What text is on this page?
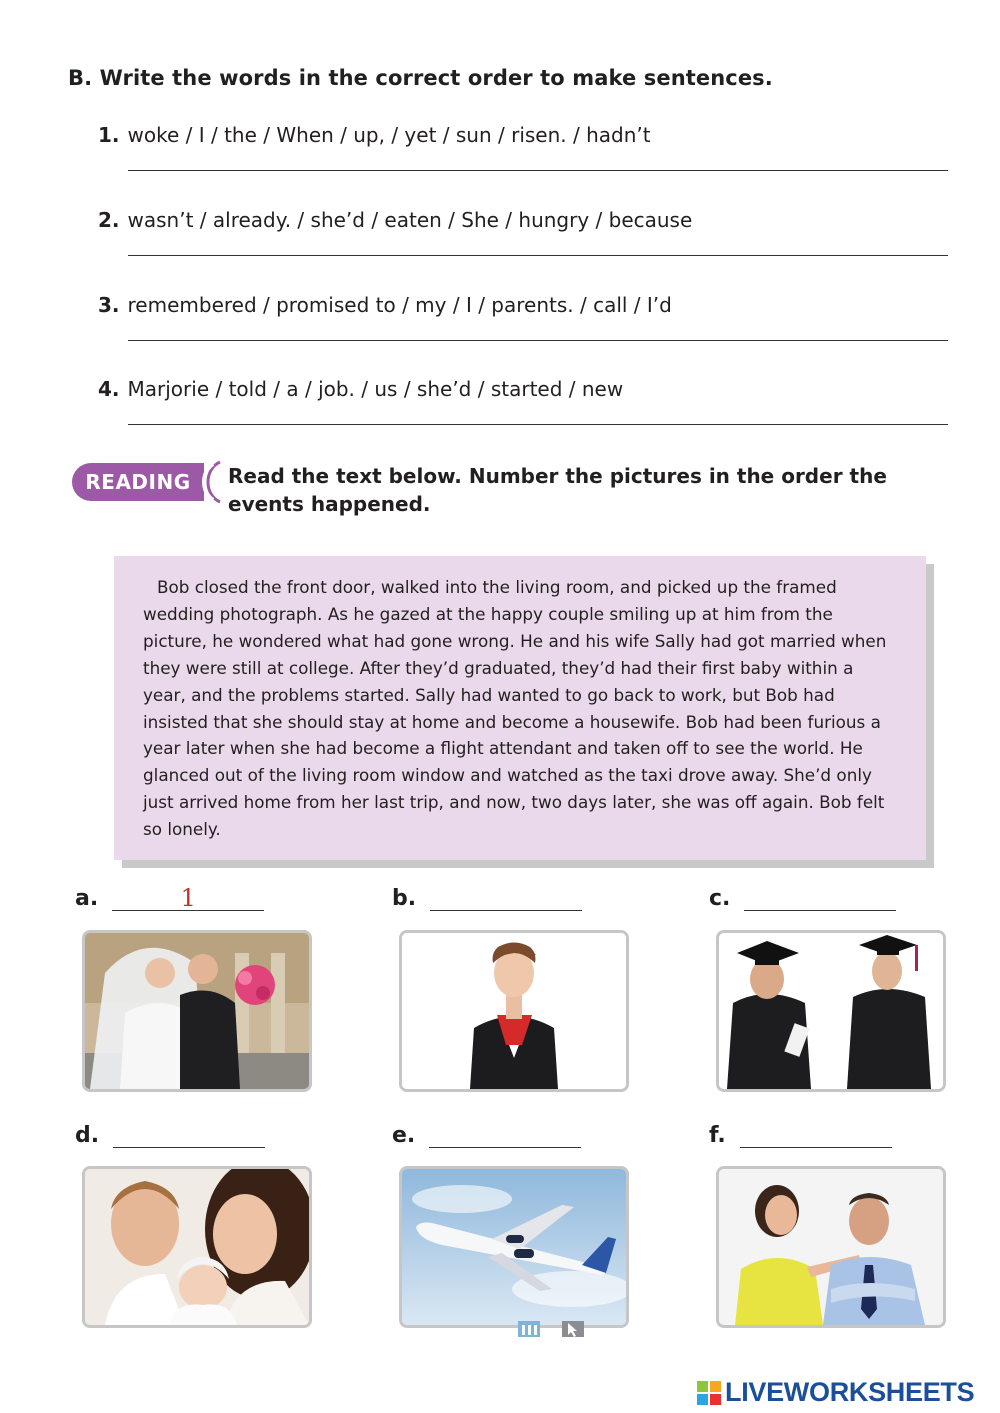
B. Write the words in the correct order to make sentences.
1. woke / I / the / When / up, / yet / sun / risen. / hadn’t
2. wasn’t / already. / she’d / eaten / She / hungry / because
3. remembered / promised to / my / I / parents. / call / I’d
4. Marjorie / told / a / job. / us / she’d / started / new
READING	Read the text below. Number the pictures in the order the events happened.
Bob closed the front door, walked into the living room, and picked up the framed wedding photograph. As he gazed at the happy couple smiling up at him from the picture, he wondered what had gone wrong. He and his wife Sally had got married when they were still at college. After they’d graduated, they’d had their first baby within a year, and the problems started. Sally had wanted to go back to work, but Bob had insisted that she should stay at home and become a housewife. Bob had been furious a year later when she had become a flight attendant and taken off to see the world. He glanced out of the living room window and watched as the taxi drove away. She’d only just arrived home from her last trip, and now, two days later, she was off again. Bob felt so lonely.
a.	1	b.	c.
d.	e.	f.
LIVEWORKSHEETS
